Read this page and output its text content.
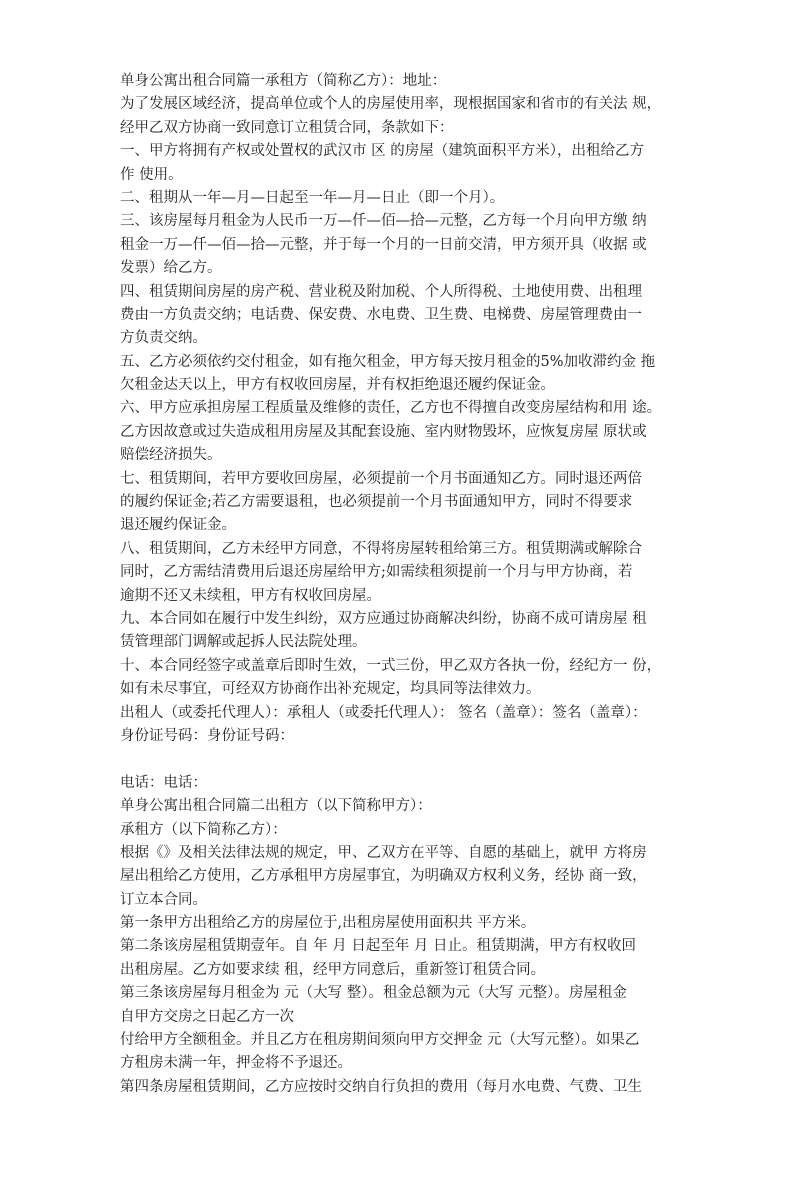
单身公寓出租合同篇一承租方（简称乙方）：地址：
为了发展区域经济，提高单位或个人的房屋使用率，现根据国家和省市的有关法 规，
经甲乙双方协商一致同意订立租赁合同，条款如下：
一、甲方将拥有产权或处置权的武汉市 区 的房屋（建筑面积平方米），出租给乙方
作 使用。
二、租期从一年—月—日起至一年—月—日止（即一个月）。
三、该房屋每月租金为人民币一万—仟—佰—拾—元整，乙方每一个月向甲方缴 纳
租金一万—仟—佰—拾—元整，并于每一个月的一日前交清，甲方须开具（收据 或
发票）给乙方。
四、租赁期间房屋的房产税、营业税及附加税、个人所得税、土地使用费、出租理
费由一方负责交纳；电话费、保安费、水电费、卫生费、电梯费、房屋管理费由一
方负责交纳。
五、乙方必须依约交付租金，如有拖欠租金，甲方每天按月租金的5%加收滞约金 拖
欠租金达天以上，甲方有权收回房屋，并有权拒绝退还履约保证金。
六、甲方应承担房屋工程质量及维修的责任，乙方也不得擅自改变房屋结构和用 途。
乙方因故意或过失造成租用房屋及其配套设施、室内财物毁坏，应恢复房屋 原状或
赔偿经济损失。
七、租赁期间，若甲方要收回房屋，必须提前一个月书面通知乙方。同时退还两倍
的履约保证金;若乙方需要退租，也必须提前一个月书面通知甲方，同时不得要求
退还履约保证金。
八、租赁期间，乙方未经甲方同意，不得将房屋转租给第三方。租赁期满或解除合
同时，乙方需结清费用后退还房屋给甲方;如需续租须提前一个月与甲方协商，若
逾期不还又未续租，甲方有权收回房屋。
九、本合同如在履行中发生纠纷，双方应通过协商解决纠纷，协商不成可请房屋 租
赁管理部门调解或起拆人民法院处理。
十、本合同经签字或盖章后即时生效，一式三份，甲乙双方各执一份，经纪方一 份，
如有未尽事宜，可经双方协商作出补充规定，均具同等法律效力。
出租人（或委托代理人）：承租人（或委托代理人）： 签名（盖章）：签名（盖章）：
身份证号码：身份证号码：
电话：电话：
单身公寓出租合同篇二出租方（以下简称甲方）：
承租方（以下简称乙方）：
根据《》及相关法律法规的规定，甲、乙双方在平等、自愿的基础上，就甲 方将房
屋出租给乙方使用，乙方承租甲方房屋事宜，为明确双方权利义务，经协 商一致，
订立本合同。
第一条甲方出租给乙方的房屋位于,出租房屋使用面积共 平方米。
第二条该房屋租赁期壹年。自 年 月 日起至年 月 日止。租赁期满，甲方有权收回
出租房屋。乙方如要求续 租，经甲方同意后，重新签订租赁合同。
第三条该房屋每月租金为 元（大写 整）。租金总额为元（大写 元整）。房屋租金
自甲方交房之日起乙方一次
付给甲方全额租金。并且乙方在租房期间须向甲方交押金 元（大写元整）。如果乙
方租房未满一年，押金将不予退还。
第四条房屋租赁期间，乙方应按时交纳自行负担的费用（每月水电费、气费、卫生
